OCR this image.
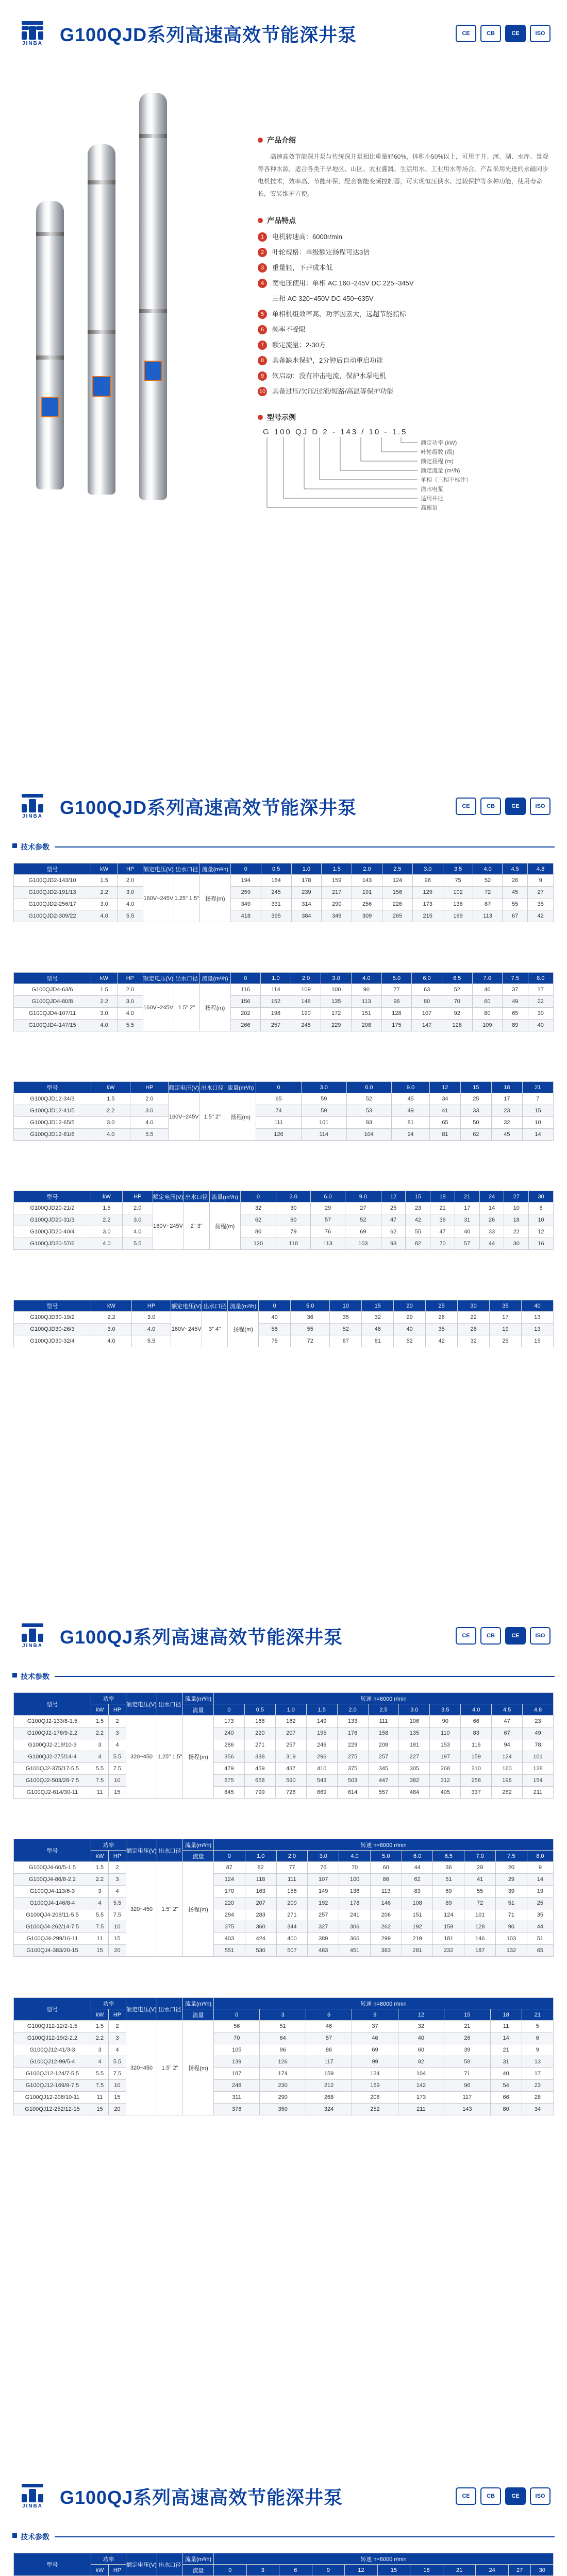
JINBA G100QJD系列高速高效节能深井泵	CE	CB	CE	ISO
产品介绍
高速高效节能深井泵与传统深井泵相比重量轻60%，体积小50%以上，可用于井、河、湖、水库、景观等各种水源，适合各类干旱地区、山区、农业灌溉、生活用水、工业用水等场合。产品采用先进的永磁同步电机技术，效率高、节能环保，配合智能变频控制器，可实现恒压供水、过载保护等多种功能，使用寿命长，安装维护方便。
产品特点
1	电机转速高：6000r/min
2	叶轮规格：单级额定扬程可达3倍
3	重量轻，下井成本低
4	宽电压使用：单相 AC 160~245V DC 225~345V
三相 AC 320~450V DC 450~635V
5	单相机组效率高、功率因素大，远超节能指标
6	频率不受限
7	额定流量：2-30方
8	具备缺水保护，2分钟后自动重启功能
9	软启动：没有冲击电流，保护水泵电机
10 具备过压/欠压/过流/短路/高温等保护功能
型号示例
G 100 QJ D 2 - 143 / 10 - 1.5
额定功率 (kW)
叶轮级数 (级)
额定扬程 (m)
额定流量 (m³/h)
单相（三相不标注）
潜水电泵
适用井径
高速泵
JINBA G100QJD系列高速高效节能深井泵	CE	CB	CE	ISO
技术参数
型号	kW	HP	额定电压(V)	出水口径	流量(m³/h)	0	0.5	1.0	1.5	2.0	2.5	3.0	3.5	4.0	4.5	4.8
G100QJD2-143/10	1.5	2.0	160V~245V	1.25" 1.5"	扬程(m)	194	184	178	159	143	124	98	75	52	26	9
G100QJD2-191/13	2.2	3.0				259	245	239	217	191	156	129	102	72	45	27
G100QJD2-256/17	3.0	4.0				349	331	314	290	256	226	173	136	87	55	35
G100QJD2-309/22	4.0	5.5				418	395	384	349	309	265	215	169	113	67	42
型号	kW	HP	额定电压(V)	出水口径	流量(m³/h)	0	1.0	2.0	3.0	4.0	5.0	6.0	6.5	7.0	7.5	8.0
G100QJD4-63/6	1.5	2.0	160V~245V	1.5" 2"	扬程(m)	116	114	109	100	90	77	63	52	46	37	17
G100QJD4-80/8	2.2	3.0				156	152	148	135	113	96	80	70	60	49	22
G100QJD4-107/11	3.0	4.0				202	198	190	172	151	128	107	92	80	65	30
G100QJD4-147/15	4.0	5.5				266	257	248	229	208	175	147	126	109	89	40
型号	kW	HP	额定电压(V)	出水口径	流量(m³/h)	0	3.0	6.0	9.0	12	15	18	21
G100QJD12-34/3	1.5	2.0	160V~245V	1.5" 2"	扬程(m)	65	59	52	45	34	25	17	7
G100QJD12-41/5	2.2	3.0				74	59	53	49	41	33	23	15
G100QJD12-65/5	3.0	4.0				111	101	93	81	65	50	32	10
G100QJD12-81/6	4.0	5.5				126	114	104	94	81	62	45	14
型号	kW	HP	额定电压(V)	出水口径	流量(m³/h)	0	3.0	6.0	9.0	12	15	18	21	24	27	30
G100QJD20-21/2	1.5	2.0	160V~245V	2" 3"	扬程(m)	32	30	29	27	25	23	21	17	14	10	6
G100QJD20-31/3	2.2	3.0				62	60	57	52	47	42	36	31	26	18	10
G100QJD20-40/4	3.0	4.0				80	79	76	69	62	55	47	40	33	22	12
G100QJD20-57/6	4.0	5.5				120	118	113	103	93	82	70	57	44	30	16
型号	kW	HP	额定电压(V)	出水口径	流量(m³/h)	0	5.0	10	15	20	25	30	35	40
G100QJD30-19/2	2.2	3.0	160V~245V	3" 4"	扬程(m)	40	36	35	32	29	26	22	17	13
G100QJD30-26/3	3.0	4.0				56	55	52	46	40	35	26	19	13
G100QJD30-32/4	4.0	5.5				75	72	67	61	52	42	32	25	15
JINBA G100QJ系列高速高效节能深井泵	CE	CB	CE	ISO
技术参数
型号	功率		额定电压(V)	出水口径	流量(m³/h)	转速 n=6000 r/min										
	kW	HP			流量	0	0.5	1.0	1.5	2.0	2.5	3.0	3.5	4.0	4.5	4.8
G100QJ2-133/8-1.5	1.5	2	320~450	1.25" 1.5"	扬程(m)	173	168	162	149	133	111	106	90	66	47	23
G100QJ2-176/9-2.2	2.2	3				240	220	207	195	176	158	135	110	83	67	49
G100QJ2-219/10-3	3	4				286	271	257	246	229	208	181	153	116	94	78
G100QJ2-275/14-4	4	5.5				356	338	319	296	275	257	227	197	159	124	101
G100QJ2-375/17-5.5	5.5	7.5				479	459	437	410	375	345	305	268	210	160	128
G100QJ2-503/28-7.5	7.5	10				675	658	590	543	503	447	382	312	258	196	154
G100QJ2-614/30-11	11	15				845	799	726	669	614	557	484	405	337	262	211
型号	功率		额定电压(V)	出水口径	流量(m³/h)	转速 n=6000 r/min										
	kW	HP			流量	0	1.0	2.0	3.0	4.0	5.0	6.0	6.5	7.0	7.5	8.0
G100QJ4-60/5-1.5	1.5	2	320~450	1.5" 2"	扬程(m)	87	82	77	76	70	60	44	36	29	20	9
G100QJ4-86/8-2.2	2.2	3				124	118	111	107	100	86	62	51	41	29	14
G100QJ4-113/6-3	3	4				170	163	156	149	136	113	83	69	55	39	19
G100QJ4-146/8-4	4	5.5				220	207	200	192	178	146	108	89	72	51	25
G100QJ4-206/11-5.5	5.5	7.5				294	283	271	257	241	206	151	124	101	71	35
G100QJ4-262/14-7.5	7.5	10				375	360	344	327	306	262	192	159	128	90	44
G100QJ4-299/16-11	11	15				403	424	400	389	366	299	219	181	146	103	51
G100QJ4-383/20-15	15	20				551	530	507	483	451	383	281	232	187	132	65
型号	功率		额定电压(V)	出水口径	流量(m³/h)	转速 n=6000 r/min							
	kW	HP			流量	0	3	6	9	12	15	18	21
G100QJ12-12/2-1.5	1.5	2	320~450	1.5" 2"	扬程(m)	56	51	46	37	32	21	11	5
G100QJ12-19/2-2.2	2.2	3				70	64	57	46	40	26	14	6
G100QJ12-41/3-3	3	4				105	96	86	69	60	39	21	9
G100QJ12-99/5-4	4	5.5				139	126	117	99	82	58	31	13
G100QJ12-124/7-5.5	5.5	7.5				187	174	159	124	104	71	40	17
G100QJ12-169/9-7.5	7.5	10				248	230	212	169	142	96	54	23
G100QJ12-206/10-11	11	15				311	290	268	206	173	117	66	28
G100QJ12-252/12-15	15	20				376	350	324	252	211	143	80	34
JINBA G100QJ系列高速高效节能深井泵	CE	CB	CE	ISO
技术参数
型号	功率		额定电压(V)	出水口径	流量(m³/h)	转速 n=6000 r/min										
	kW	HP			流量	0	3	6	9	12	15	18	21	24	27	30
